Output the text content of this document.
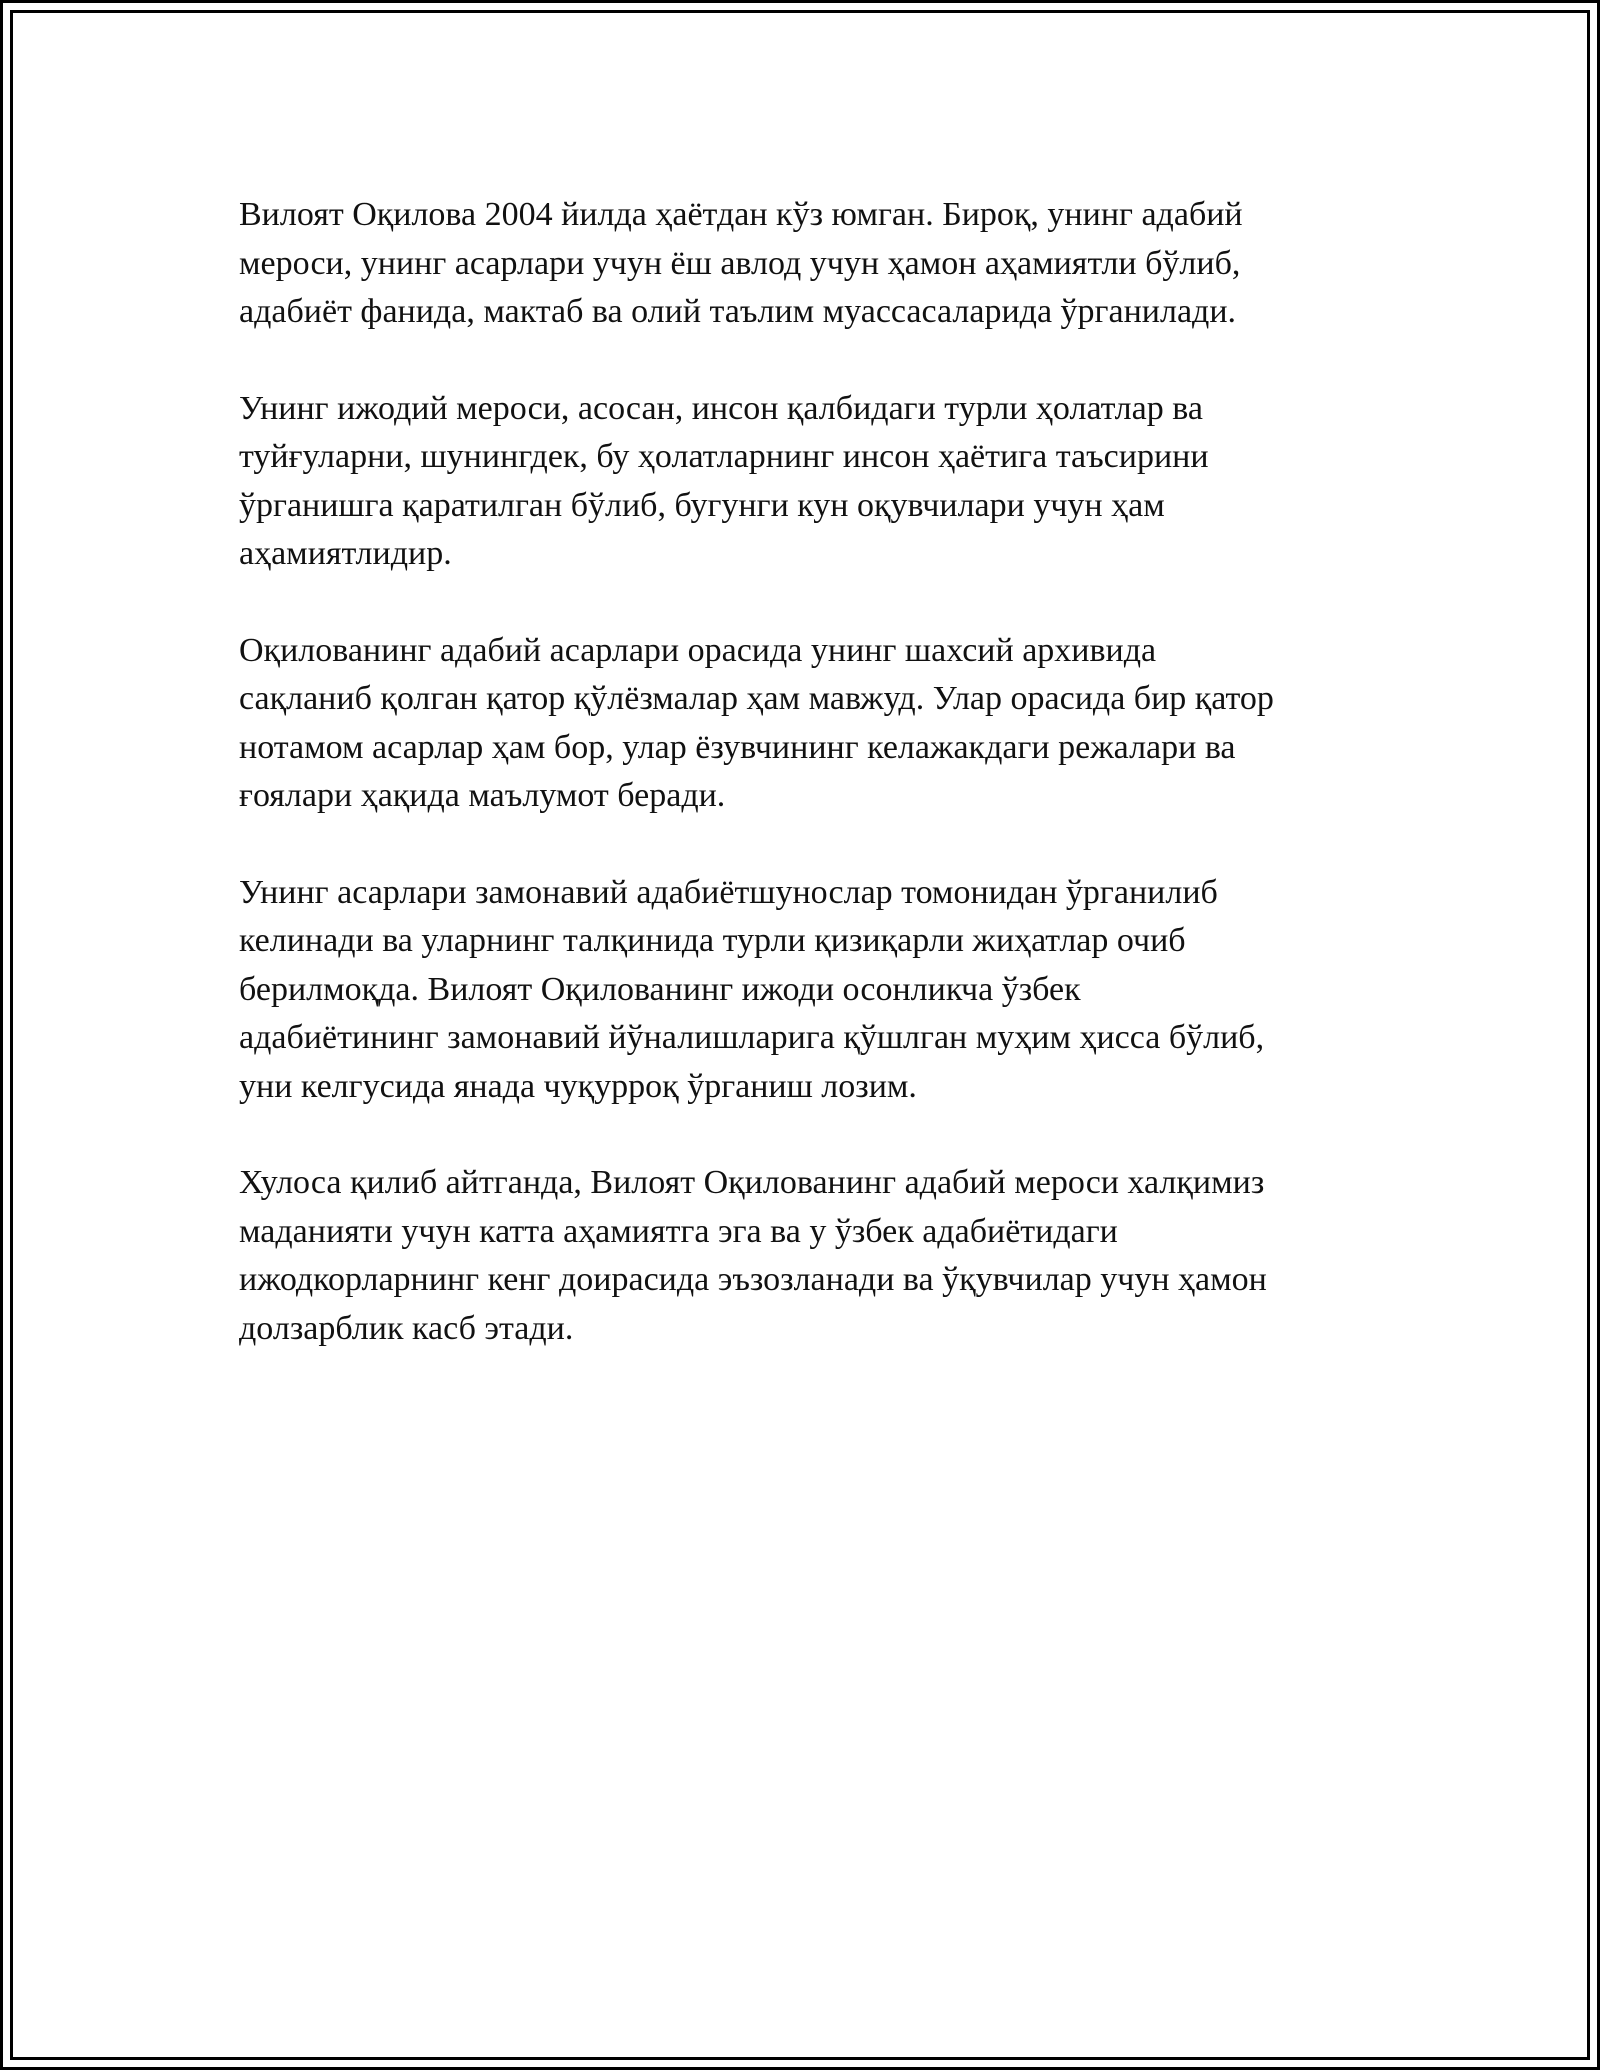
Вилоят Оқилова 2004 йилда ҳаётдан кўз юмган. Бироқ, унинг адабий
мероси, унинг асарлари учун ёш авлод учун ҳамон аҳамиятли бўлиб,
адабиёт фанида, мактаб ва олий таълим муассасаларида ўрганилади.

Унинг ижодий мероси, асосан, инсон қалбидаги турли ҳолатлар ва
туйғуларни, шунингдек, бу ҳолатларнинг инсон ҳаётига таъсирини
ўрганишга қаратилган бўлиб, бугунги кун оқувчилари учун ҳам
aҳамиятлидир.

Оқилованинг адабий асарлари орасида унинг шахсий архивида
сақланиб қолган қатор қўлёзмалар ҳам мавжуд. Улар орасида бир қатор
нотамом асарлар ҳам бор, улар ёзувчининг келажакдаги режалари ва
ғоялари ҳақида маълумот беради.

Унинг асарлари замонавий адабиётшунослар томонидан ўрганилиб
келинади ва уларнинг талқинида турли қизиқарли жиҳатлар очиб
берилмоқда. Вилоят Оқилованинг ижоди осонликча ўзбек
адабиётининг замонавий йўналишларига қўшлган муҳим ҳисса бўлиб,
уни келгусида янада чуқурроқ ўрганиш лозим.

Хулоса қилиб айтганда, Вилоят Оқилованинг адабий мероси халқимиз
маданияти учун катта аҳамиятга эга ва у ўзбек адабиётидаги
ижодкорларнинг кенг доирасида эъзозланади ва ўқувчилар учун ҳамон
долзарблик касб этади.
